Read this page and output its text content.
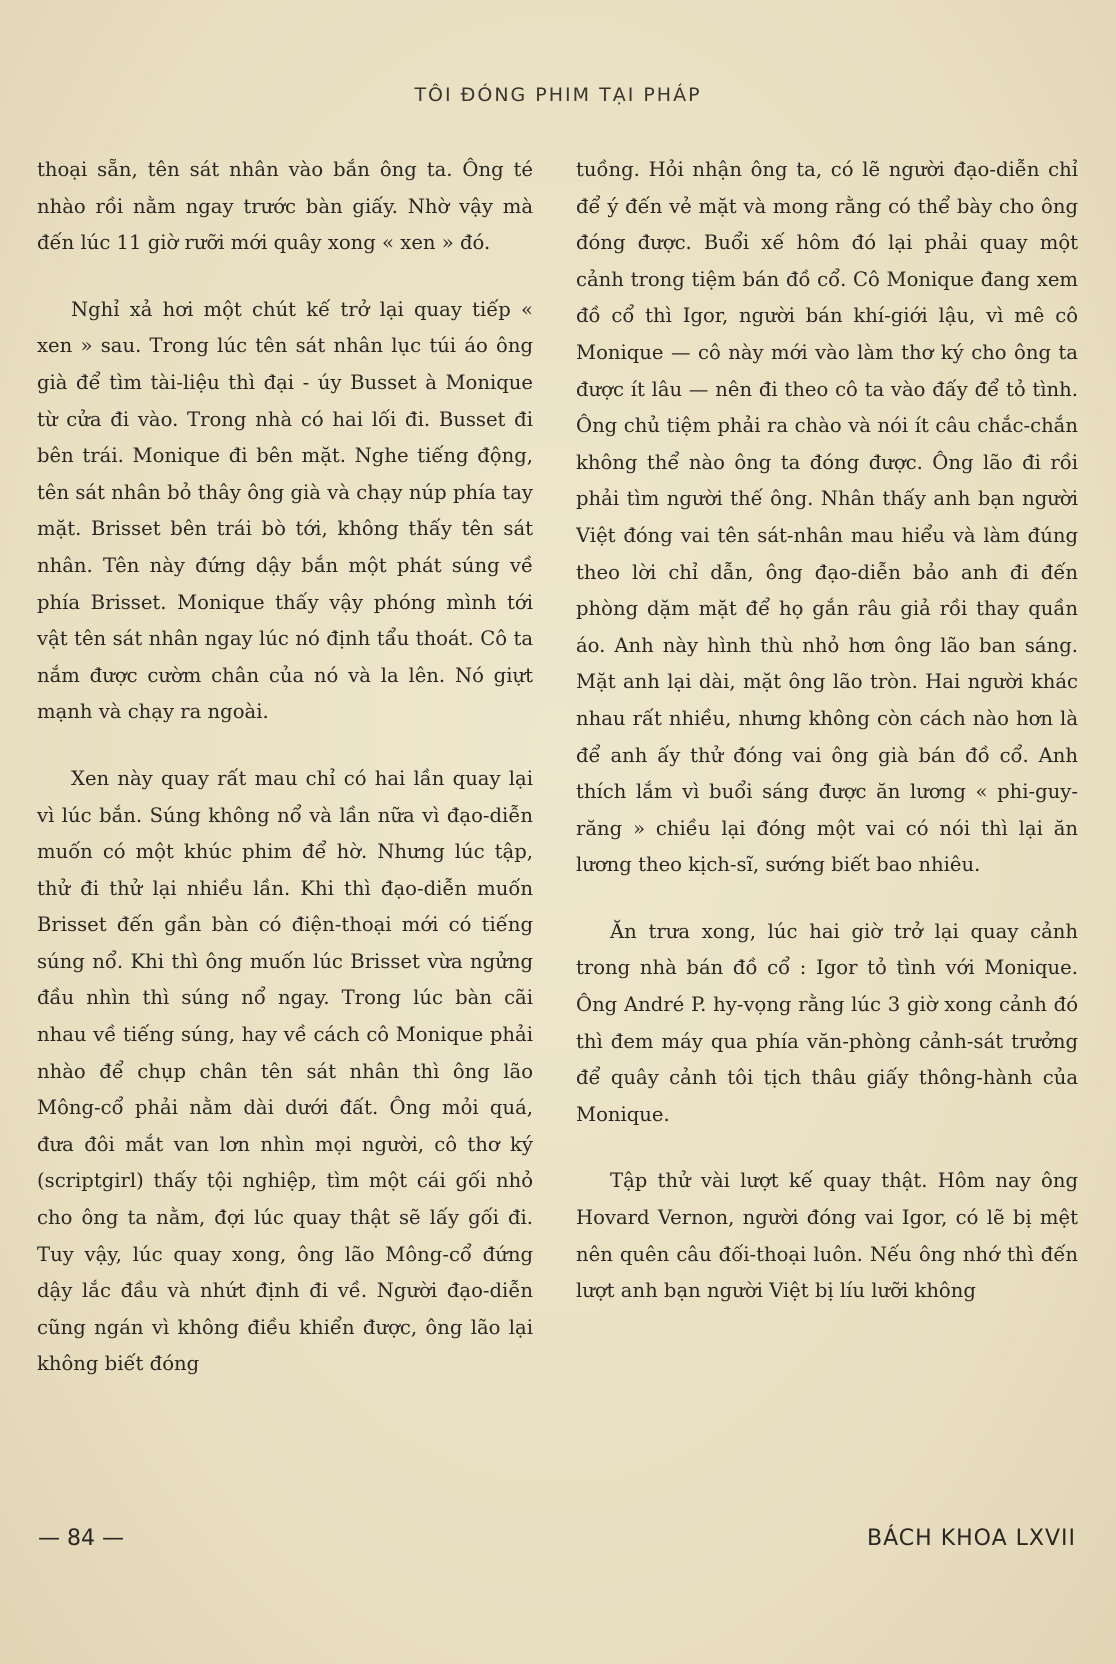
TÔI ĐÓNG PHIM TẠI PHÁP

thoại sẵn, tên sát nhân vào bắn ông ta. Ông té nhào rồi nằm ngay trước bàn giấy. Nhờ vậy mà đến lúc 11 giờ rưỡi mới quây xong « xen » đó.

Nghỉ xả hơi một chút kế trở lại quay tiếp « xen » sau. Trong lúc tên sát nhân lục túi áo ông già để tìm tài-liệu thì đại - úy Busset à Monique từ cửa đi vào. Trong nhà có hai lối đi. Busset đi bên trái. Monique đi bên mặt. Nghe tiếng động, tên sát nhân bỏ thây ông già và chạy núp phía tay mặt. Brisset bên trái bò tới, không thấy tên sát nhân. Tên này đứng dậy bắn một phát súng về phía Brisset. Monique thấy vậy phóng mình tới vật tên sát nhân ngay lúc nó định tẩu thoát. Cô ta nắm được cườm chân của nó và la lên. Nó giựt mạnh và chạy ra ngoài.

Xen này quay rất mau chỉ có hai lần quay lại vì lúc bắn. Súng không nổ và lần nữa vì đạo-diễn muốn có một khúc phim để hờ. Nhưng lúc tập, thử đi thử lại nhiều lần. Khi thì đạo-diễn muốn Brisset đến gần bàn có điện-thoại mới có tiếng súng nổ. Khi thì ông muốn lúc Brisset vừa ngửng đầu nhìn thì súng nổ ngay. Trong lúc bàn cãi nhau về tiếng súng, hay về cách cô Monique phải nhào để chụp chân tên sát nhân thì ông lão Mông-cổ phải nằm dài dưới đất. Ông mỏi quá, đưa đôi mắt van lơn nhìn mọi người, cô thơ ký (scriptgirl) thấy tội nghiệp, tìm một cái gối nhỏ cho ông ta nằm, đợi lúc quay thật sẽ lấy gối đi. Tuy vậy, lúc quay xong, ông lão Mông-cổ đứng dậy lắc đầu và nhứt định đi về. Người đạo-diễn cũng ngán vì không điều khiển được, ông lão lại không biết đóng

tuồng. Hỏi nhận ông ta, có lẽ người đạo-diễn chỉ để ý đến vẻ mặt và mong rằng có thể bày cho ông đóng được. Buổi xế hôm đó lại phải quay một cảnh trong tiệm bán đồ cổ. Cô Monique đang xem đồ cổ thì Igor, người bán khí-giới lậu, vì mê cô Monique — cô này mới vào làm thơ ký cho ông ta được ít lâu — nên đi theo cô ta vào đấy để tỏ tình. Ông chủ tiệm phải ra chào và nói ít câu chắc-chắn không thể nào ông ta đóng được. Ông lão đi rồi phải tìm người thế ông. Nhân thấy anh bạn người Việt đóng vai tên sát-nhân mau hiểu và làm đúng theo lời chỉ dẫn, ông đạo-diễn bảo anh đi đến phòng dặm mặt để họ gắn râu giả rồi thay quần áo. Anh này hình thù nhỏ hơn ông lão ban sáng. Mặt anh lại dài, mặt ông lão tròn. Hai người khác nhau rất nhiều, nhưng không còn cách nào hơn là để anh ấy thử đóng vai ông già bán đồ cổ. Anh thích lắm vì buổi sáng được ăn lương « phi-guy-răng » chiều lại đóng một vai có nói thì lại ăn lương theo kịch-sĩ, sướng biết bao nhiêu.

Ăn trưa xong, lúc hai giờ trở lại quay cảnh trong nhà bán đồ cổ : Igor tỏ tình với Monique. Ông André P. hy-vọng rằng lúc 3 giờ xong cảnh đó thì đem máy qua phía văn-phòng cảnh-sát trưởng để quây cảnh tôi tịch thâu giấy thông-hành của Monique.

Tập thử vài lượt kế quay thật. Hôm nay ông Hovard Vernon, người đóng vai Igor, có lẽ bị mệt nên quên câu đối-thoại luôn. Nếu ông nhớ thì đến lượt anh bạn người Việt bị líu lưỡi không

— 84 —	BÁCH KHOA LXVII
